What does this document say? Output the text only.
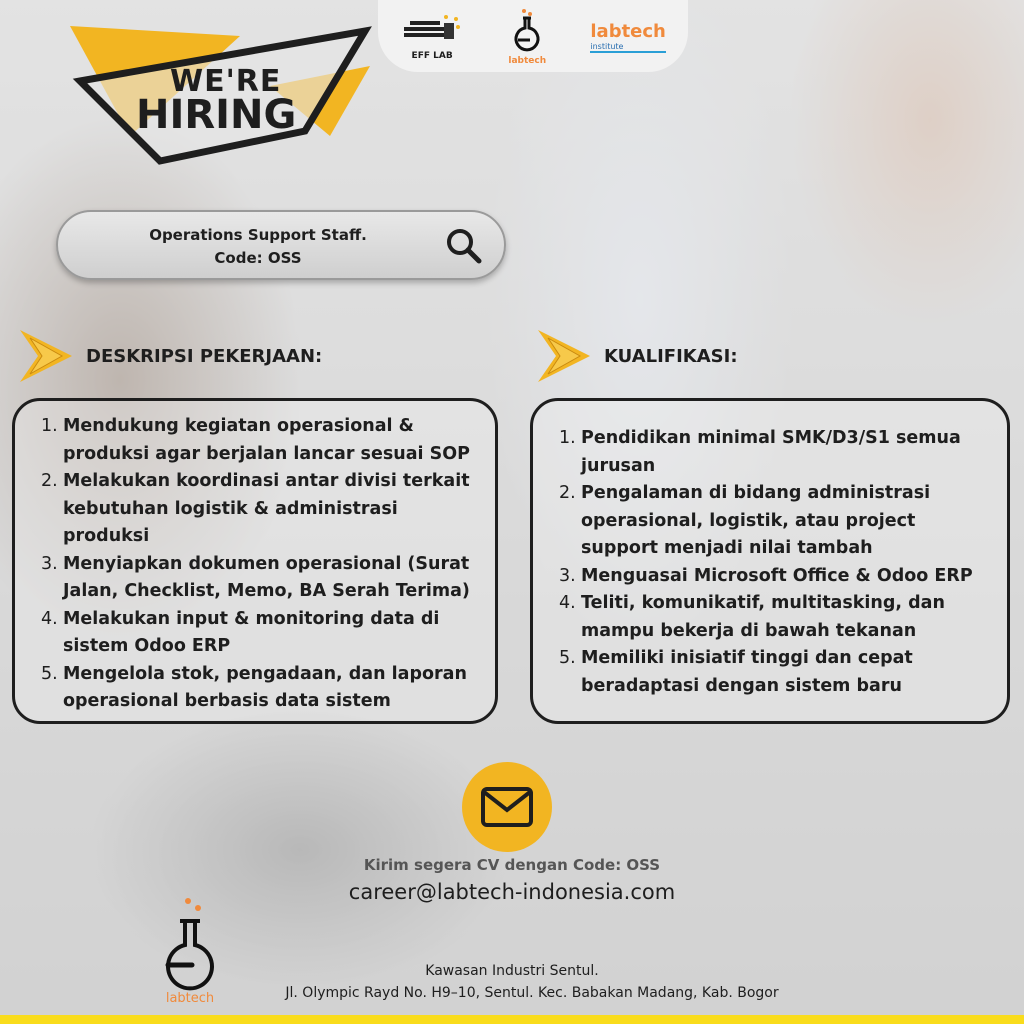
EFF LAB	labtech
labtech
institute
WE'RE
HIRING
Operations Support Staff.
Code: OSS
DESKRIPSI PEKERJAAN:	KUALIFIKASI:
1. Mendukung kegiatan operasional & produksi agar berjalan lancar sesuai SOP
2. Melakukan koordinasi antar divisi terkait kebutuhan logistik & administrasi produksi
3. Menyiapkan dokumen operasional (Surat Jalan, Checklist, Memo, BA Serah Terima)
4. Melakukan input & monitoring data di sistem Odoo ERP
5. Mengelola stok, pengadaan, dan laporan operasional berbasis data sistem
1. Pendidikan minimal SMK/D3/S1 semua jurusan
2. Pengalaman di bidang administrasi operasional, logistik, atau project support menjadi nilai tambah
3. Menguasai Microsoft Office & Odoo ERP
4. Teliti, komunikatif, multitasking, dan mampu bekerja di bawah tekanan
5. Memiliki inisiatif tinggi dan cepat beradaptasi dengan sistem baru
Kirim segera CV dengan Code: OSS
career@labtech-indonesia.com
labtech
Kawasan Industri Sentul.
Jl. Olympic Rayd No. H9–10, Sentul. Kec. Babakan Madang, Kab. Bogor
